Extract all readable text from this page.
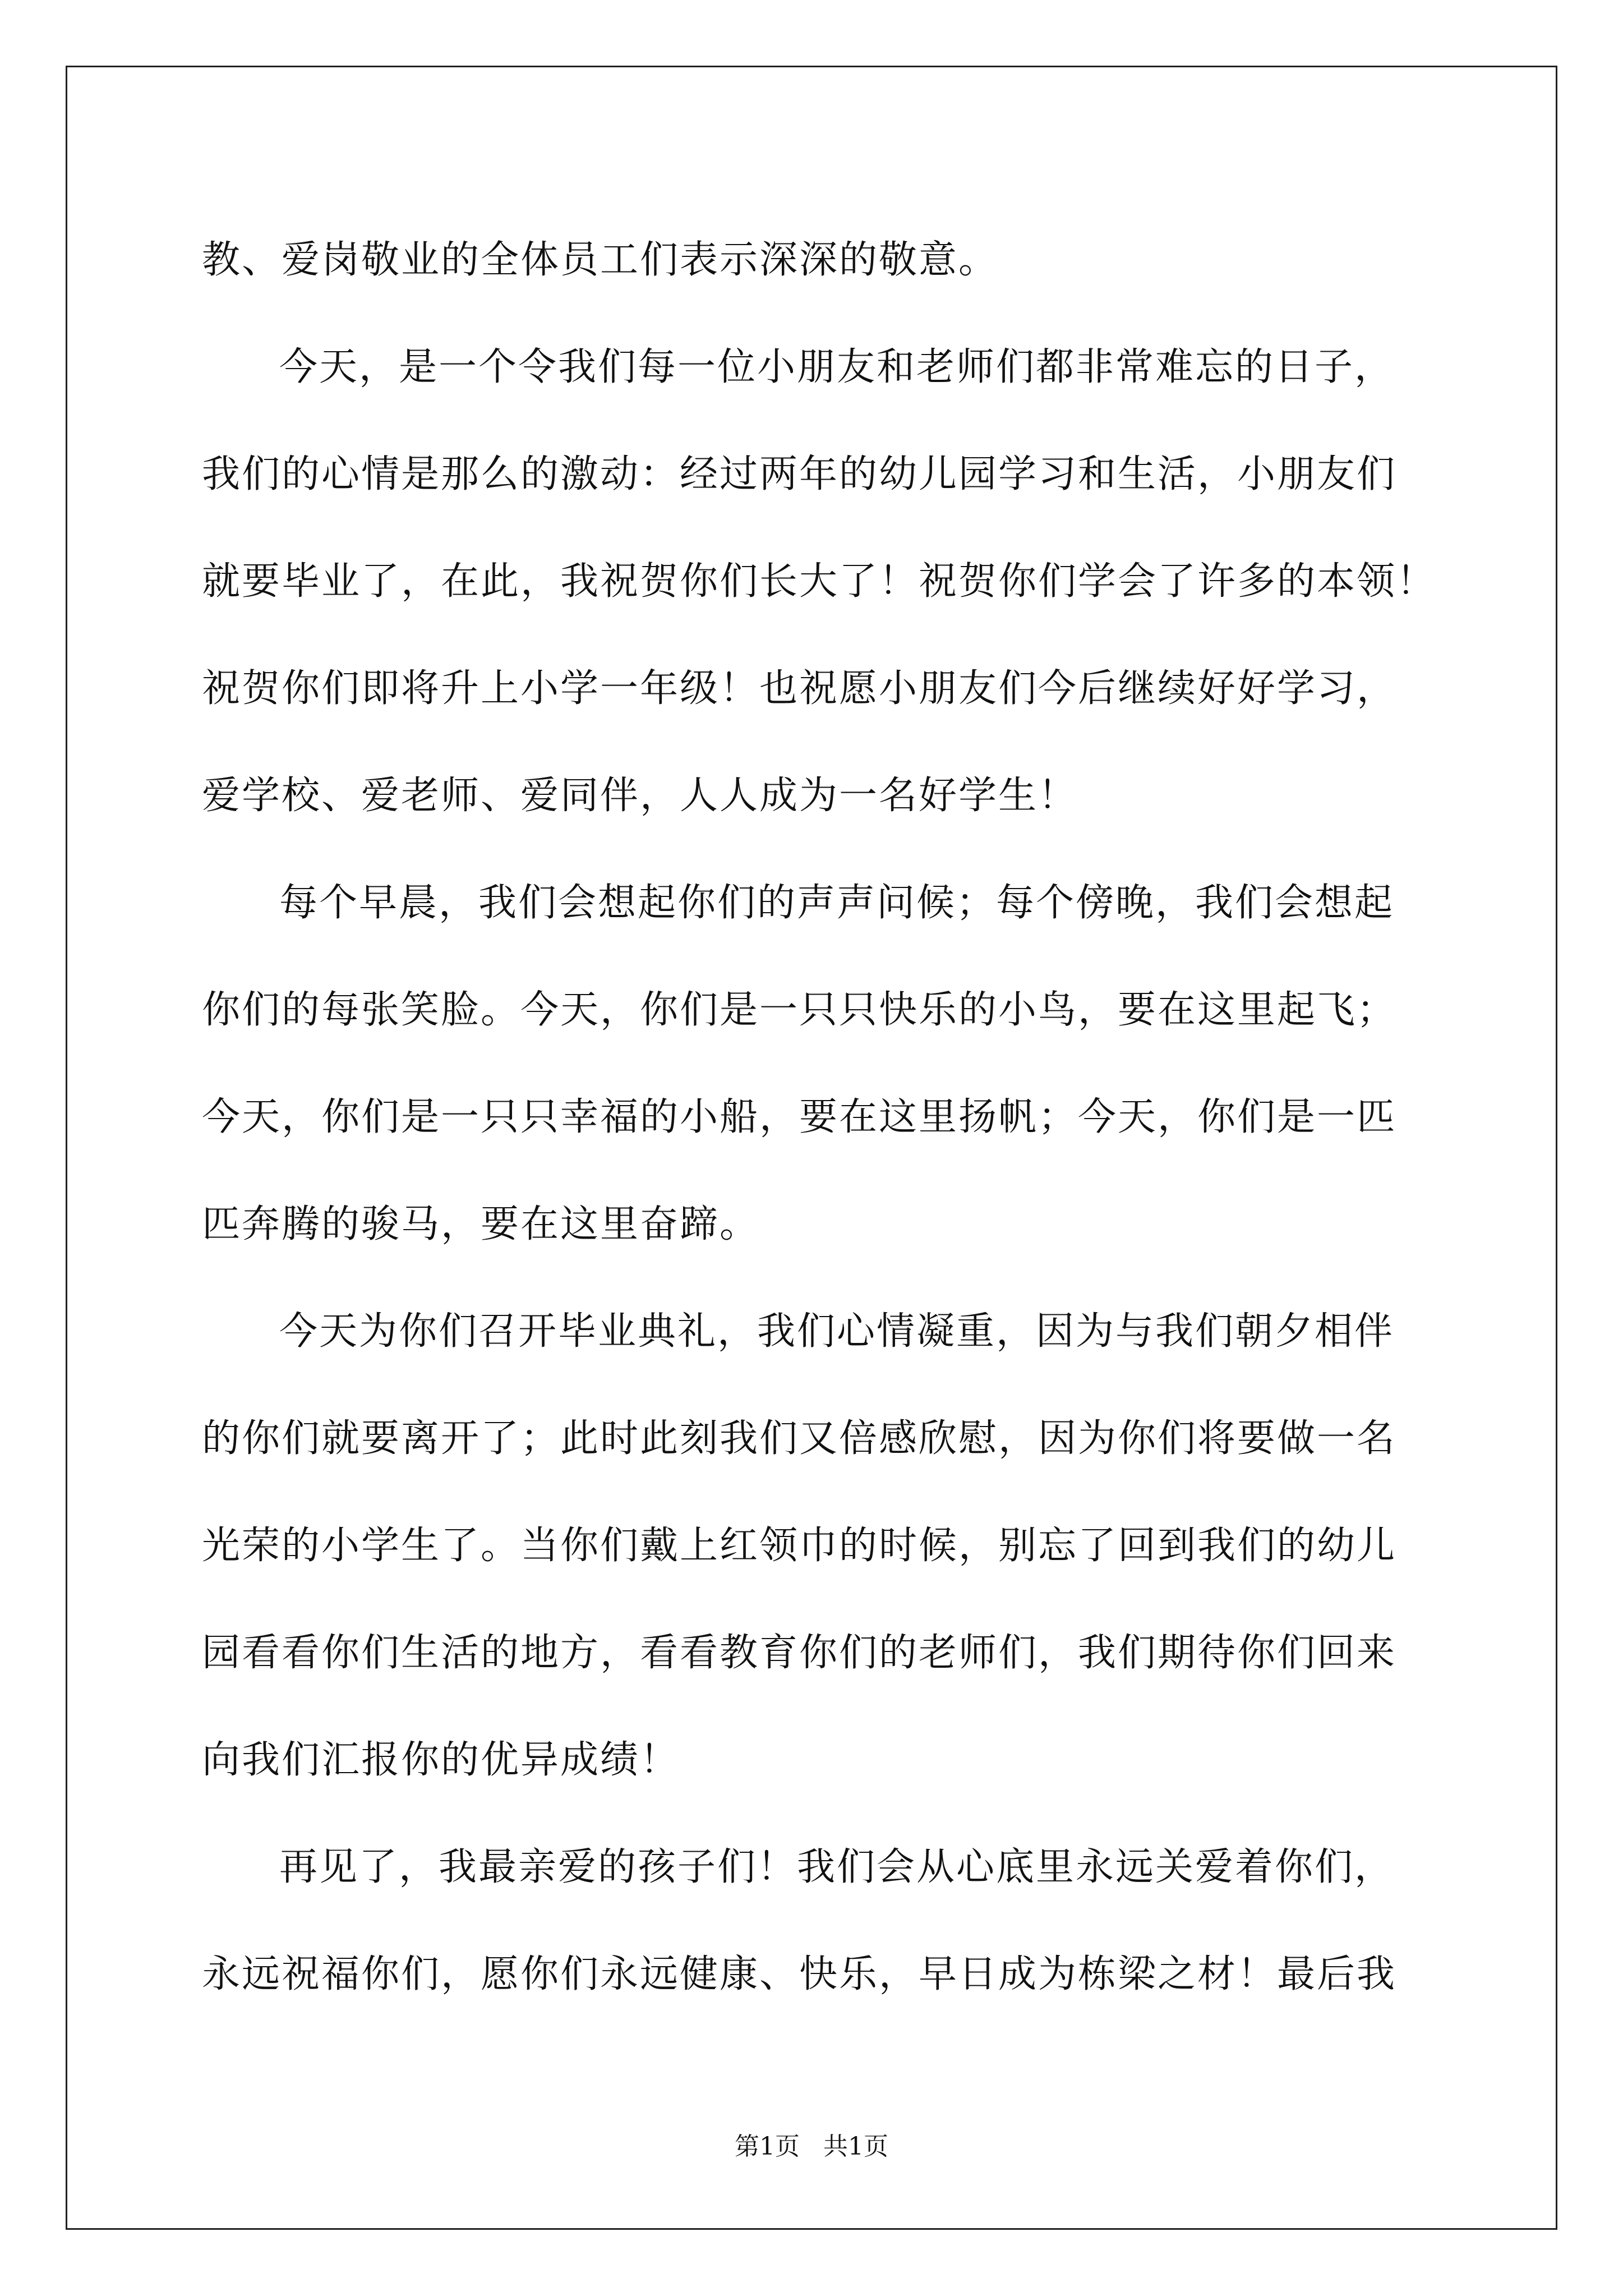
教、爱岗敬业的全体员工们表示深深的敬意。
今天，是一个令我们每一位小朋友和老师们都非常难忘的日子，
我们的心情是那么的激动：经过两年的幼儿园学习和生活，小朋友们
就要毕业了，在此，我祝贺你们长大了！祝贺你们学会了许多的本领！
祝贺你们即将升上小学一年级！也祝愿小朋友们今后继续好好学习，
爱学校、爱老师、爱同伴，人人成为一名好学生！
每个早晨，我们会想起你们的声声问候；每个傍晚，我们会想起
你们的每张笑脸。今天，你们是一只只快乐的小鸟，要在这里起飞；
今天，你们是一只只幸福的小船，要在这里扬帆；今天，你们是一匹
匹奔腾的骏马，要在这里奋蹄。
今天为你们召开毕业典礼，我们心情凝重，因为与我们朝夕相伴
的你们就要离开了；此时此刻我们又倍感欣慰，因为你们将要做一名
光荣的小学生了。当你们戴上红领巾的时候，别忘了回到我们的幼儿
园看看你们生活的地方，看看教育你们的老师们，我们期待你们回来
向我们汇报你的优异成绩！
再见了，我最亲爱的孩子们！我们会从心底里永远关爱着你们，
永远祝福你们，愿你们永远健康、快乐，早日成为栋梁之材！最后我
第1页   共1页
